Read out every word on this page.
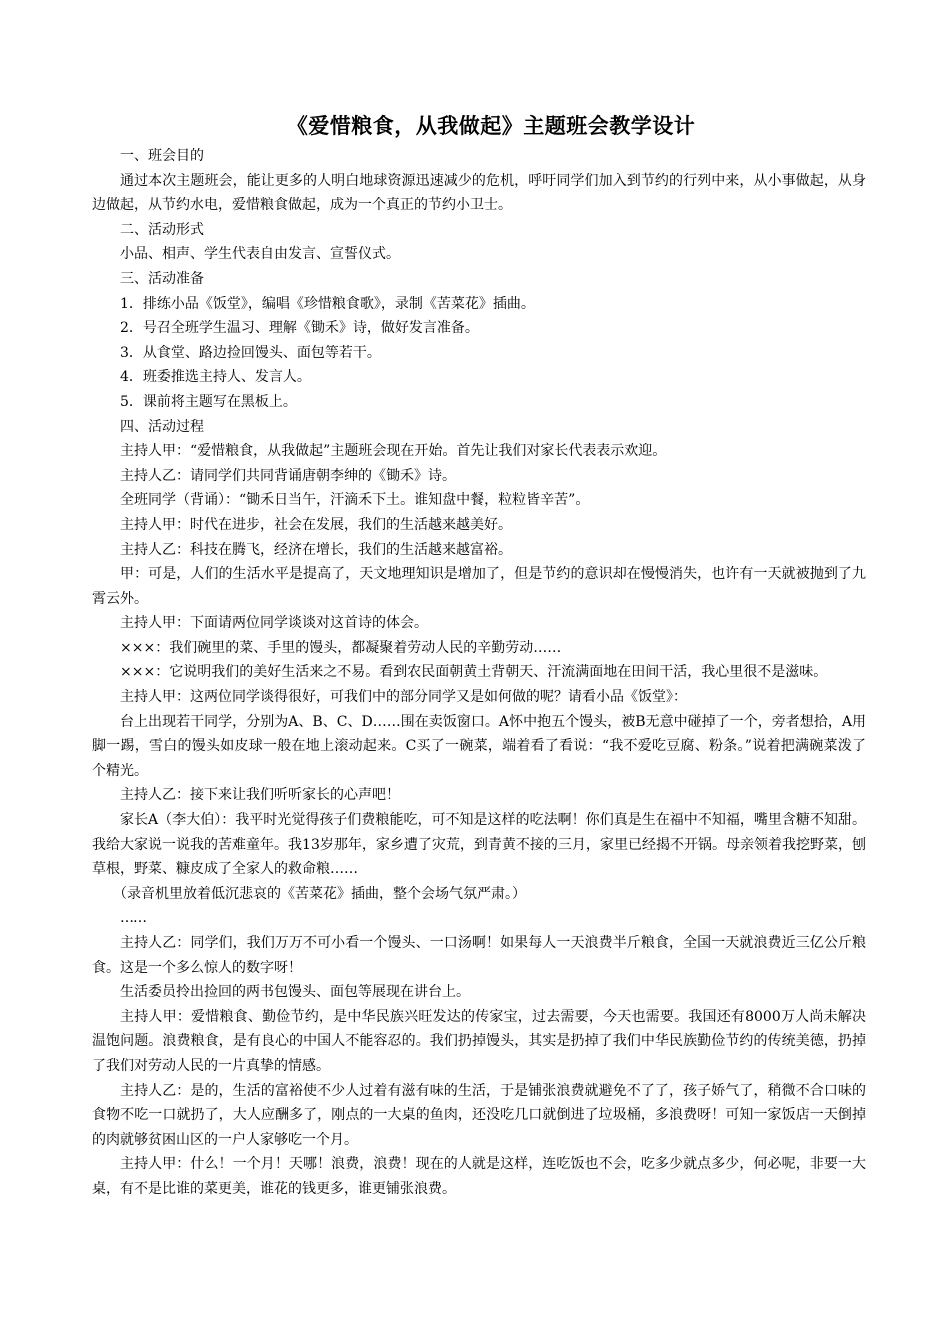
《爱惜粮食，从我做起》主题班会教学设计

一、班会目的

通过本次主题班会，能让更多的人明白地球资源迅速减少的危机，呼吁同学们加入到节约的行列中来，从小事做起，从身边做起，从节约水电，爱惜粮食做起，成为一个真正的节约小卫士。

二、活动形式

小品、相声、学生代表自由发言、宣誓仪式。

三、活动准备

1．排练小品《饭堂》，编唱《珍惜粮食歌》，录制《苦菜花》插曲。

2．号召全班学生温习、理解《锄禾》诗，做好发言准备。

3．从食堂、路边捡回馒头、面包等若干。

4．班委推选主持人、发言人。

5．课前将主题写在黑板上。

四、活动过程

主持人甲：“爱惜粮食，从我做起”主题班会现在开始。首先让我们对家长代表表示欢迎。

主持人乙：请同学们共同背诵唐朝李绅的《锄禾》诗。

全班同学（背诵）：“锄禾日当午，汗滴禾下土。谁知盘中餐，粒粒皆辛苦”。

主持人甲：时代在进步，社会在发展，我们的生活越来越美好。

主持人乙：科技在腾飞，经济在增长，我们的生活越来越富裕。

甲：可是，人们的生活水平是提高了，天文地理知识是增加了，但是节约的意识却在慢慢消失，也许有一天就被抛到了九霄云外。

主持人甲：下面请两位同学谈谈对这首诗的体会。

×××：我们碗里的菜、手里的馒头，都凝聚着劳动人民的辛勤劳动……

×××：它说明我们的美好生活来之不易。看到农民面朝黄土背朝天、汗流满面地在田间干活，我心里很不是滋味。

主持人甲：这两位同学谈得很好，可我们中的部分同学又是如何做的呢？请看小品《饭堂》：

台上出现若干同学，分别为A、B、C、D……围在卖饭窗口。A怀中抱五个馒头，被B无意中碰掉了一个，旁者想拾，A用脚一踢，雪白的馒头如皮球一般在地上滚动起来。C买了一碗菜，端着看了看说：“我不爱吃豆腐、粉条。”说着把满碗菜泼了个精光。

主持人乙：接下来让我们听听家长的心声吧！

家长A（李大伯）：我平时光觉得孩子们费粮能吃，可不知是这样的吃法啊！你们真是生在福中不知福，嘴里含糖不知甜。我给大家说一说我的苦难童年。我13岁那年，家乡遭了灾荒，到青黄不接的三月，家里已经揭不开锅。母亲领着我挖野菜，刨草根，野菜、糠皮成了全家人的救命粮……

（录音机里放着低沉悲哀的《苦菜花》插曲，整个会场气氛严肃。）

……

主持人乙：同学们，我们万万不可小看一个馒头、一口汤啊！如果每人一天浪费半斤粮食，全国一天就浪费近三亿公斤粮食。这是一个多么惊人的数字呀！

生活委员拎出捡回的两书包馒头、面包等展现在讲台上。

主持人甲：爱惜粮食、勤俭节约，是中华民族兴旺发达的传家宝，过去需要，今天也需要。我国还有8000万人尚未解决温饱问题。浪费粮食，是有良心的中国人不能容忍的。我们扔掉馒头，其实是扔掉了我们中华民族勤俭节约的传统美德，扔掉了我们对劳动人民的一片真挚的情感。

主持人乙：是的，生活的富裕使不少人过着有滋有味的生活，于是铺张浪费就避免不了了，孩子娇气了，稍微不合口味的食物不吃一口就扔了，大人应酬多了，刚点的一大桌的鱼肉，还没吃几口就倒进了垃圾桶，多浪费呀！可知一家饭店一天倒掉的肉就够贫困山区的一户人家够吃一个月。

主持人甲：什么！一个月！天哪！浪费，浪费！现在的人就是这样，连吃饭也不会，吃多少就点多少，何必呢，非要一大桌，有不是比谁的菜更美，谁花的钱更多，谁更铺张浪费。
